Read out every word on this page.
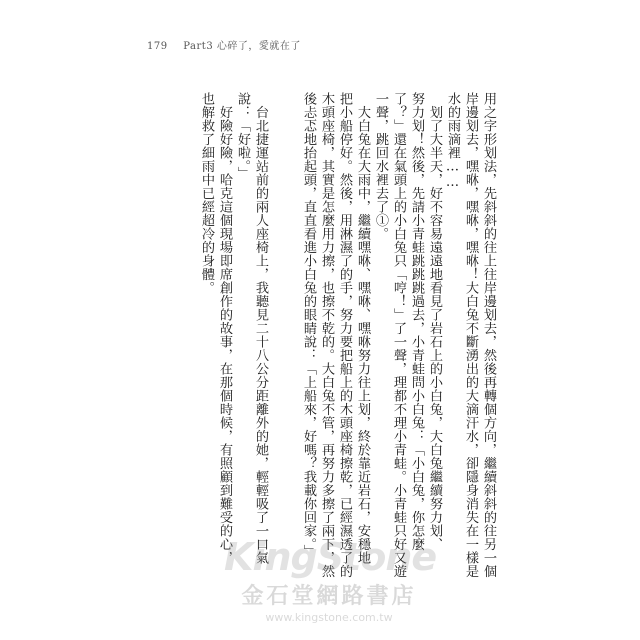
179 Part3 心碎了，愛就在了
用之字形划法，先斜斜的往上往岸邊划去，然後再轉個方向，繼續斜斜的往另一個
岸邊划去，嘿咻，嘿咻，嘿咻！大白兔不斷湧出的大滴汗水，卻隱身消失在一樣是
水的雨滴裡……
　划了大半天，好不容易遠遠地看見了岩石上的小白兔，大白兔繼續努力划、
努力划！然後，先請小青蛙跳跳跳過去，小青蛙問小白兔：「小白兔，你怎麼
了？」還在氣頭上的小白兔只「哼！」了一聲，理都不理小青蛙。小青蛙只好又遊
一聲，跳回水裡去了①。
　大白兔在大雨中，繼續嘿咻、嘿咻、嘿咻努力往上划，終於靠近岩石，安穩地
把小船停好。然後，用淋濕了的手，努力要把船上的木頭座椅擦乾，已經濕透了的
木頭座椅，其實是怎麼用力擦，也擦不乾的。大白兔不管，再努力多擦了兩下，然
後忐忑地抬起頭，直直看進小白兔的眼睛說：「上船來，好嗎？我載你回家。」
　台北捷運站前的兩人座椅上，我聽見二十八公分距離外的她，輕輕吸了一口氣
說：「好啦。」
　好險好險，哈克這個現場即席創作的故事，在那個時候，有照顧到難受的心，
也解救了細雨中已經超冷的身體。
KingStone
金石堂網路書店
www.kingstone.com.tw
